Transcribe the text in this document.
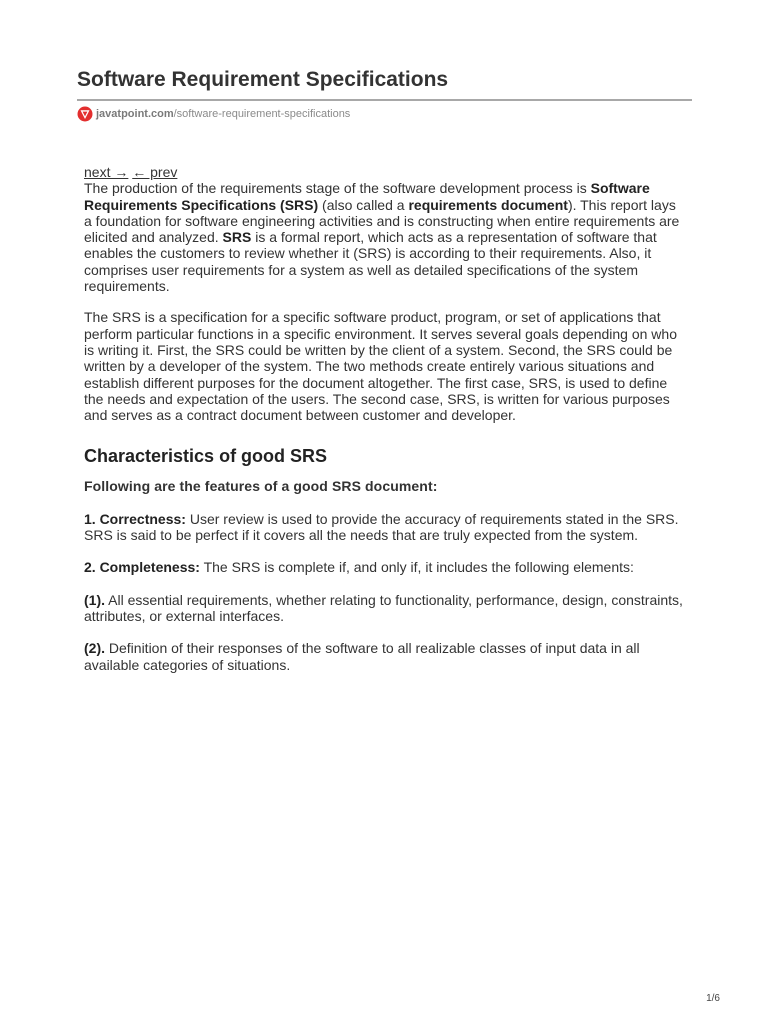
Software Requirement Specifications
javatpoint.com /software-requirement-specifications
next → ← prev

The production of the requirements stage of the software development process is Software Requirements Specifications (SRS) (also called a requirements document). This report lays a foundation for software engineering activities and is constructing when entire requirements are elicited and analyzed. SRS is a formal report, which acts as a representation of software that enables the customers to review whether it (SRS) is according to their requirements. Also, it comprises user requirements for a system as well as detailed specifications of the system requirements.

The SRS is a specification for a specific software product, program, or set of applications that perform particular functions in a specific environment. It serves several goals depending on who is writing it. First, the SRS could be written by the client of a system. Second, the SRS could be written by a developer of the system. The two methods create entirely various situations and establish different purposes for the document altogether. The first case, SRS, is used to define the needs and expectation of the users. The second case, SRS, is written for various purposes and serves as a contract document between customer and developer.

Characteristics of good SRS

Following are the features of a good SRS document:

1. Correctness: User review is used to provide the accuracy of requirements stated in the SRS. SRS is said to be perfect if it covers all the needs that are truly expected from the system.

2. Completeness: The SRS is complete if, and only if, it includes the following elements:

(1). All essential requirements, whether relating to functionality, performance, design, constraints, attributes, or external interfaces.

(2). Definition of their responses of the software to all realizable classes of input data in all available categories of situations.

1/6
